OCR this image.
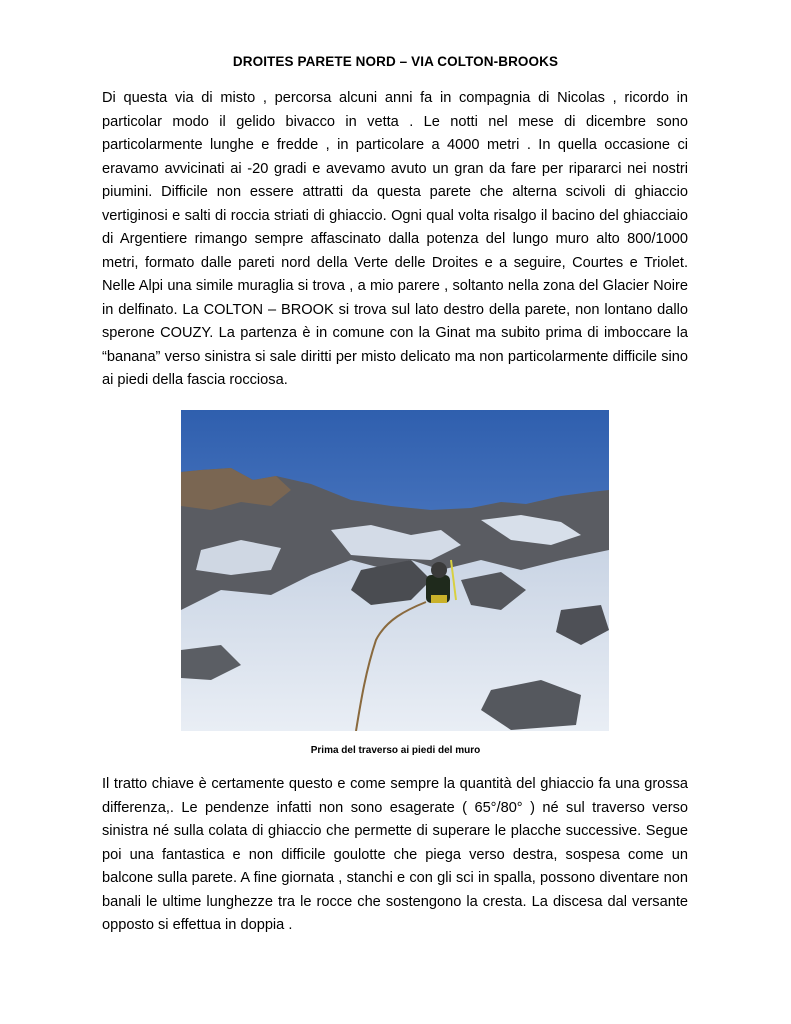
DROITES PARETE NORD – VIA COLTON-BROOKS

Di questa via di misto , percorsa alcuni anni fa in compagnia di Nicolas , ricordo in particolar modo il gelido bivacco in vetta . Le notti nel mese di dicembre sono particolarmente lunghe e fredde , in particolare a 4000 metri . In quella occasione ci eravamo avvicinati ai -20 gradi e avevamo avuto un gran da fare per ripararci nei nostri piumini. Difficile non essere attratti da questa parete che alterna scivoli di ghiaccio vertiginosi e salti di roccia striati di ghiaccio. Ogni qual volta risalgo il bacino del ghiacciaio di Argentiere rimango sempre affascinato dalla potenza del lungo muro alto 800/1000 metri, formato dalle pareti nord della Verte delle Droites e a seguire, Courtes e Triolet. Nelle Alpi una simile muraglia si trova , a mio parere , soltanto nella zona del Glacier Noire in delfinato. La COLTON – BROOK si trova sul lato destro della parete, non lontano dallo sperone COUZY. La partenza è in comune con la Ginat ma subito prima di imboccare la “banana” verso sinistra si sale diritti per misto delicato ma non particolarmente difficile sino ai piedi della fascia rocciosa.

Prima del traverso ai piedi del muro

Il tratto chiave è certamente questo e come sempre la quantità del ghiaccio fa una grossa differenza,. Le pendenze infatti non sono esagerate ( 65°/80° ) né sul traverso verso sinistra né sulla colata di ghiaccio che permette di superare le placche successive. Segue poi una fantastica e non difficile goulotte che piega verso destra, sospesa come un balcone sulla parete. A fine giornata , stanchi e con gli sci in spalla, possono diventare non banali le ultime lunghezze tra le rocce che sostengono la cresta. La discesa dal versante opposto si effettua in doppia .
